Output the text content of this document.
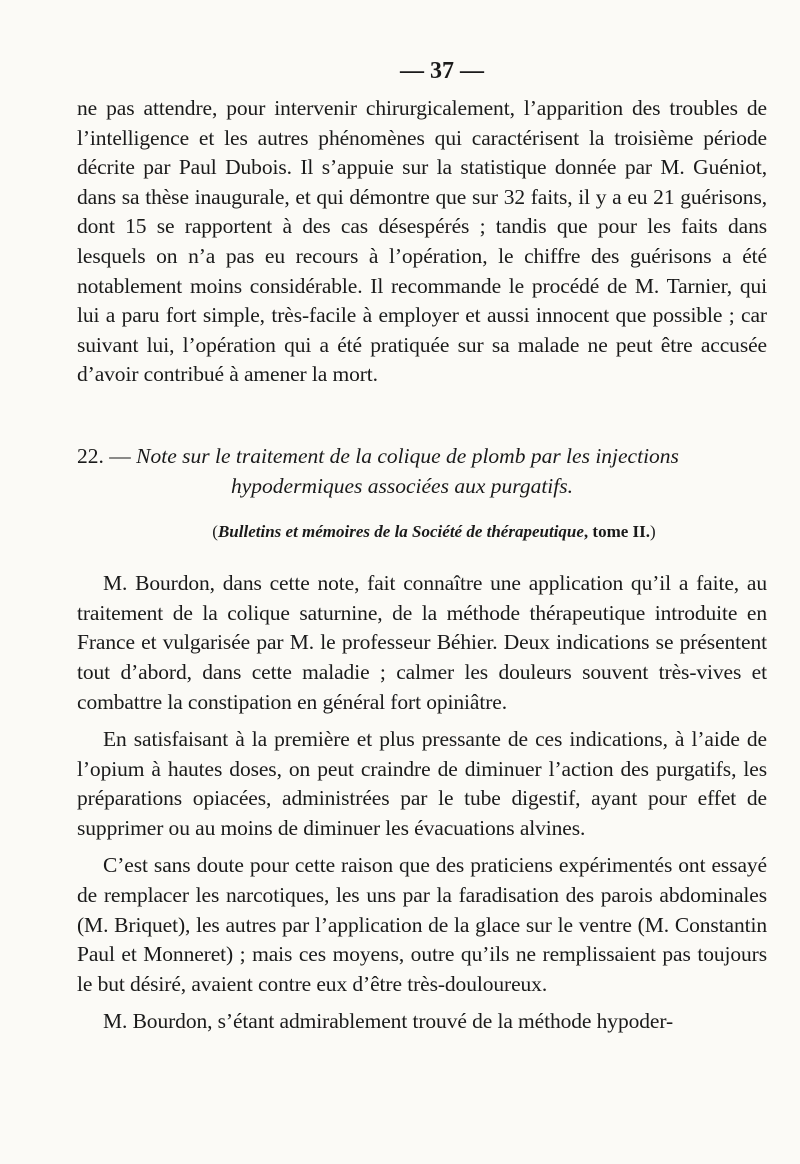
— 37 —

ne pas attendre, pour intervenir chirurgicalement, l’apparition des troubles de l’intelligence et les autres phénomènes qui caractérisent la troisième période décrite par Paul Dubois. Il s’appuie sur la statistique donnée par M. Guéniot, dans sa thèse inaugurale, et qui démontre que sur 32 faits, il y a eu 21 guérisons, dont 15 se rapportent à des cas désespérés ; tandis que pour les faits dans lesquels on n’a pas eu recours à l’opération, le chiffre des guérisons a été notablement moins considérable. Il recommande le procédé de M. Tarnier, qui lui a paru fort simple, très-facile à employer et aussi innocent que possible ; car suivant lui, l’opération qui a été pratiquée sur sa malade ne peut être accusée d’avoir contribué à amener la mort.

22. — Note sur le traitement de la colique de plomb par les injections
hypodermiques associées aux purgatifs.
(Bulletins et mémoires de la Société de thérapeutique, tome II.)

M. Bourdon, dans cette note, fait connaître une application qu’il a faite, au traitement de la colique saturnine, de la méthode thérapeutique introduite en France et vulgarisée par M. le professeur Béhier. Deux indications se présentent tout d’abord, dans cette maladie ; calmer les douleurs souvent très-vives et combattre la constipation en général fort opiniâtre.

En satisfaisant à la première et plus pressante de ces indications, à l’aide de l’opium à hautes doses, on peut craindre de diminuer l’action des purgatifs, les préparations opiacées, administrées par le tube digestif, ayant pour effet de supprimer ou au moins de diminuer les évacuations alvines.

C’est sans doute pour cette raison que des praticiens expérimentés ont essayé de remplacer les narcotiques, les uns par la faradisation des parois abdominales (M. Briquet), les autres par l’application de la glace sur le ventre (M. Constantin Paul et Monneret) ; mais ces moyens, outre qu’ils ne remplissaient pas toujours le but désiré, avaient contre eux d’être très-douloureux.

M. Bourdon, s’étant admirablement trouvé de la méthode hypoder-
